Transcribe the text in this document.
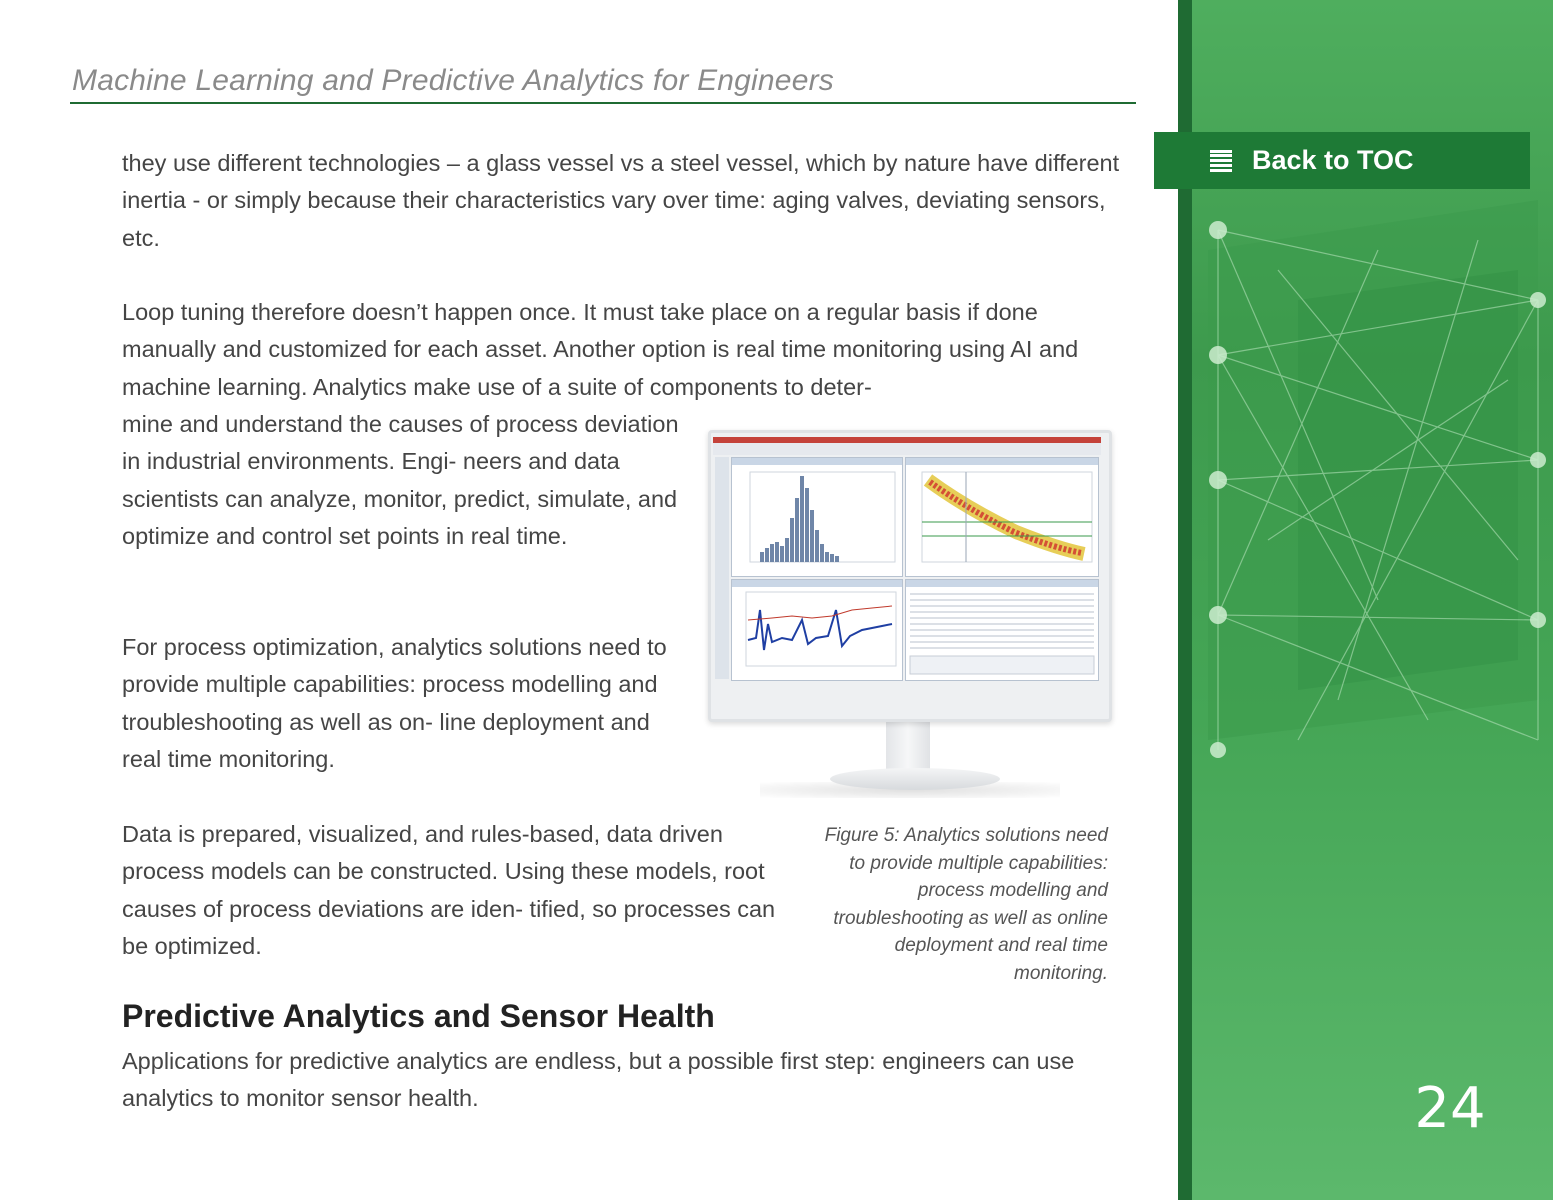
Machine Learning and Predictive Analytics for Engineers
they use different technologies – a glass vessel vs a steel vessel, which by nature have different inertia - or simply because their characteristics vary over time: aging valves, deviating sensors, etc.
Loop tuning therefore doesn’t happen once. It must take place on a regular basis if done manually and customized for each asset. Another option is real time monitoring using AI and machine learning. Analytics make use of a suite of components to deter-
mine and understand the causes of process deviation in industrial environments. Engi- neers and data scientists can analyze, monitor, predict, simulate, and optimize and control set points in real time.
For process optimization, analytics solutions need to provide multiple capabilities: process modelling and troubleshooting as well as on- line deployment and real time monitoring.
Data is prepared, visualized, and rules-based, data driven process models can be constructed. Using these models, root causes of process deviations are iden- tified, so processes can be optimized.
Figure 5: Analytics solutions need to provide multiple capabilities: process modelling and troubleshooting as well as online deployment and real time monitoring.
Predictive Analytics and Sensor Health
Applications for predictive analytics are endless, but a possible first step: engineers can use analytics to monitor sensor health.
Back to TOC
24
